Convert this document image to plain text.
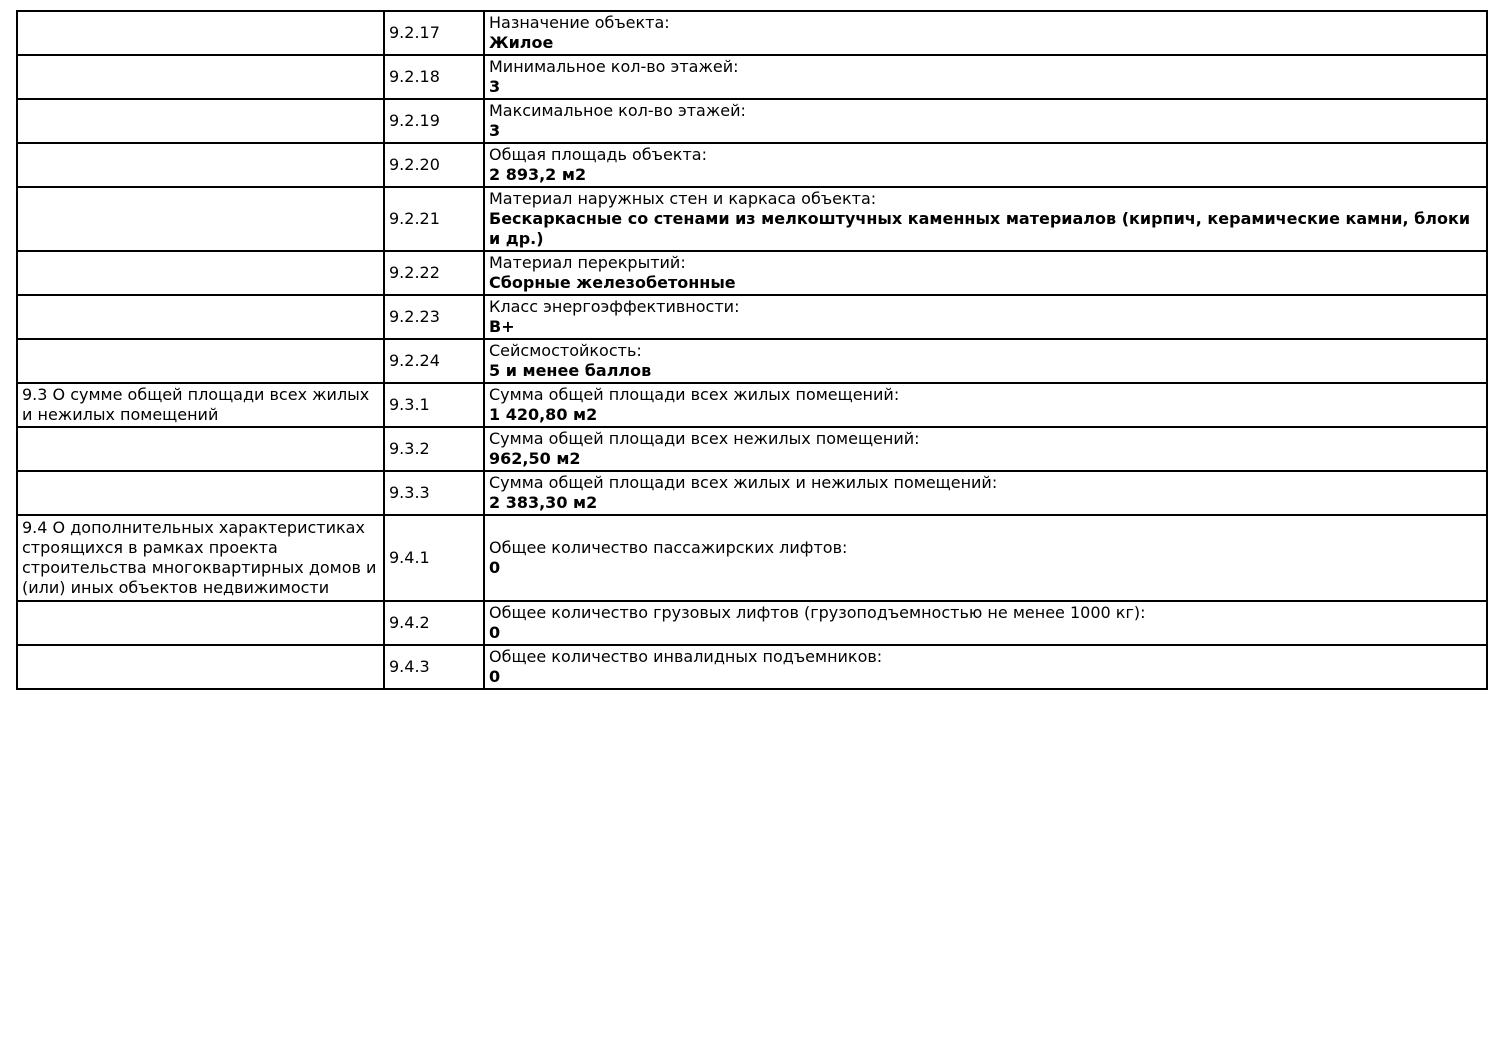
	9.2.17	Назначение объекта:
Жилое

	9.2.18	Минимальное кол-во этажей:
3

	9.2.19	Максимальное кол-во этажей:
3

	9.2.20	Общая площадь объекта:
2 893,2 м2

	9.2.21	Материал наружных стен и каркаса объекта:
Бескаркасные со стенами из мелкоштучных каменных материалов (кирпич, керамические камни, блоки и др.)

	9.2.22	Материал перекрытий:
Сборные железобетонные

	9.2.23	Класс энергоэффективности:
В+

	9.2.24	Сейсмостойкость:
5 и менее баллов

9.3 О сумме общей площади всех жилых и нежилых помещений	9.3.1	Сумма общей площади всех жилых помещений:
1 420,80 м2

	9.3.2	Сумма общей площади всех нежилых помещений:
962,50 м2

	9.3.3	Сумма общей площади всех жилых и нежилых помещений:
2 383,30 м2

9.4 О дополнительных характеристиках строящихся в рамках проекта строительства многоквартирных домов и (или) иных объектов недвижимости	9.4.1	Общее количество пассажирских лифтов:
0

	9.4.2	Общее количество грузовых лифтов (грузоподъемностью не менее 1000 кг):
0

	9.4.3	Общее количество инвалидных подъемников:
0
